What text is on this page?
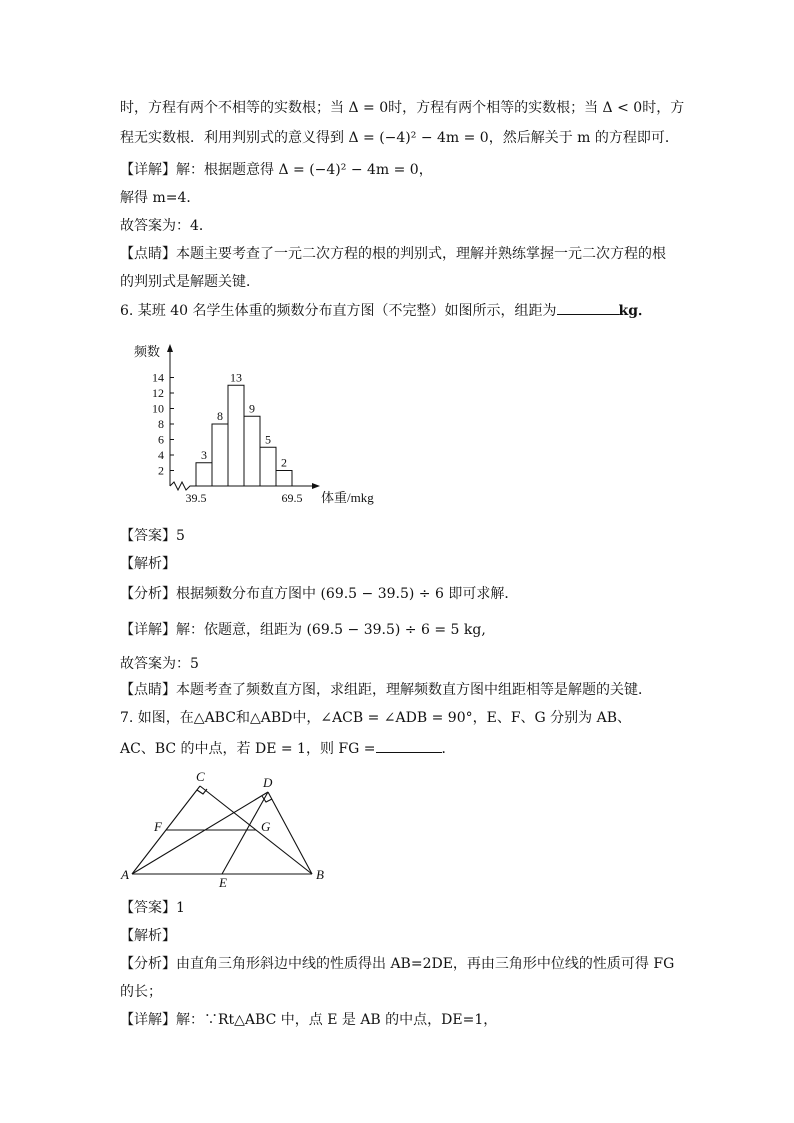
时，方程有两个不相等的实数根；当 Δ = 0时，方程有两个相等的实数根；当 Δ < 0时，方
程无实数根．利用判别式的意义得到 Δ = (−4)² − 4m = 0，然后解关于 m 的方程即可．
【详解】解：根据题意得 Δ = (−4)² − 4m = 0，
解得 m=4．
故答案为：4．
【点睛】本题主要考查了一元二次方程的根的判别式，理解并熟练掌握一元二次方程的根
的判别式是解题关键．
6. 某班 40 名学生体重的频数分布直方图（不完整）如图所示，组距为	kg．
2
4
6
8
10
12
14
频数
3
8
13
9
5
2
39.5	69.5 体重/mkg
【答案】5
【解析】
【分析】根据频数分布直方图中 (69.5 − 39.5) ÷ 6 即可求解．
【详解】解：依题意，组距为 (69.5 − 39.5) ÷ 6 = 5 kg,
故答案为：5
【点睛】本题考查了频数直方图，求组距，理解频数直方图中组距相等是解题的关键．
7. 如图，在△ABC和△ABD中，∠ACB = ∠ADB = 90°，E、F、G 分别为 AB、
AC、BC 的中点，若 DE = 1，则 FG =	．
C	D
F	G
A
E
B
【答案】1
【解析】
【分析】由直角三角形斜边中线的性质得出 AB=2DE，再由三角形中位线的性质可得 FG
的长；
【详解】解：∵Rt△ABC 中，点 E 是 AB 的中点，DE=1，
